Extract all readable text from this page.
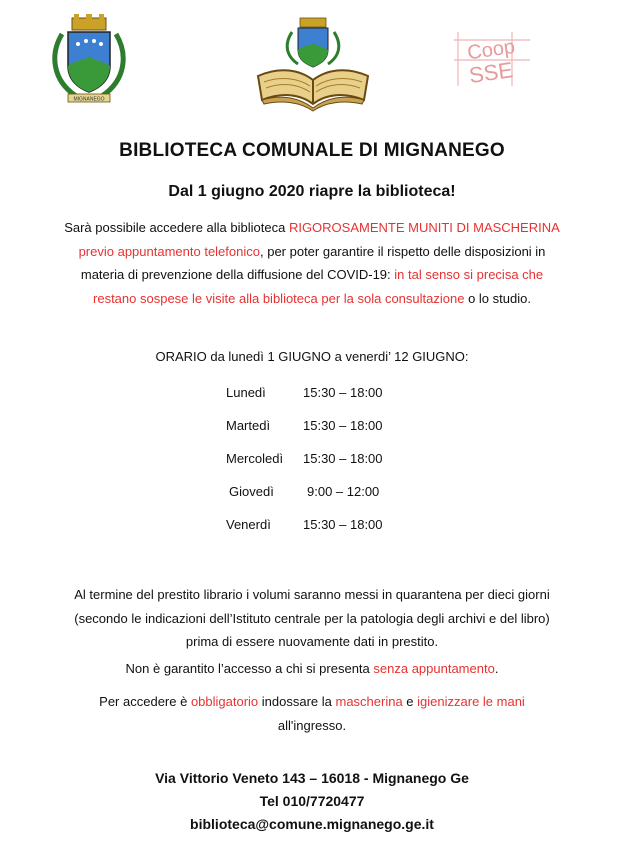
MIGNANEGO
Coop
SSE
BIBLIOTECA COMUNALE DI MIGNANEGO
Dal 1 giugno 2020 riapre la biblioteca!
Sarà possibile accedere alla biblioteca RIGOROSAMENTE MUNITI DI MASCHERINA
previo appuntamento telefonico, per poter garantire il rispetto delle disposizioni in
materia di prevenzione della diffusione del COVID-19: in tal senso si precisa che
restano sospese le visite alla biblioteca per la sola consultazione o lo studio.
ORARIO da lunedì 1 GIUGNO a venerdi’ 12 GIUGNO:
Lunedì	15:30 – 18:00
Martedì	15:30 – 18:00
Mercoledì 15:30 – 18:00
Giovedì	9:00 – 12:00
Venerdì 15:30 – 18:00
Al termine del prestito librario i volumi saranno messi in quarantena per dieci giorni
(secondo le indicazioni dell’Istituto centrale per la patologia degli archivi e del libro)
prima di essere nuovamente dati in prestito.
Non è garantito l’accesso a chi si presenta senza appuntamento.
Per accedere è obbligatorio indossare la mascherina e igienizzare le mani
all'ingresso.
Via Vittorio Veneto 143 – 16018 - Mignanego Ge
Tel 010/7720477
biblioteca@comune.mignanego.ge.it
